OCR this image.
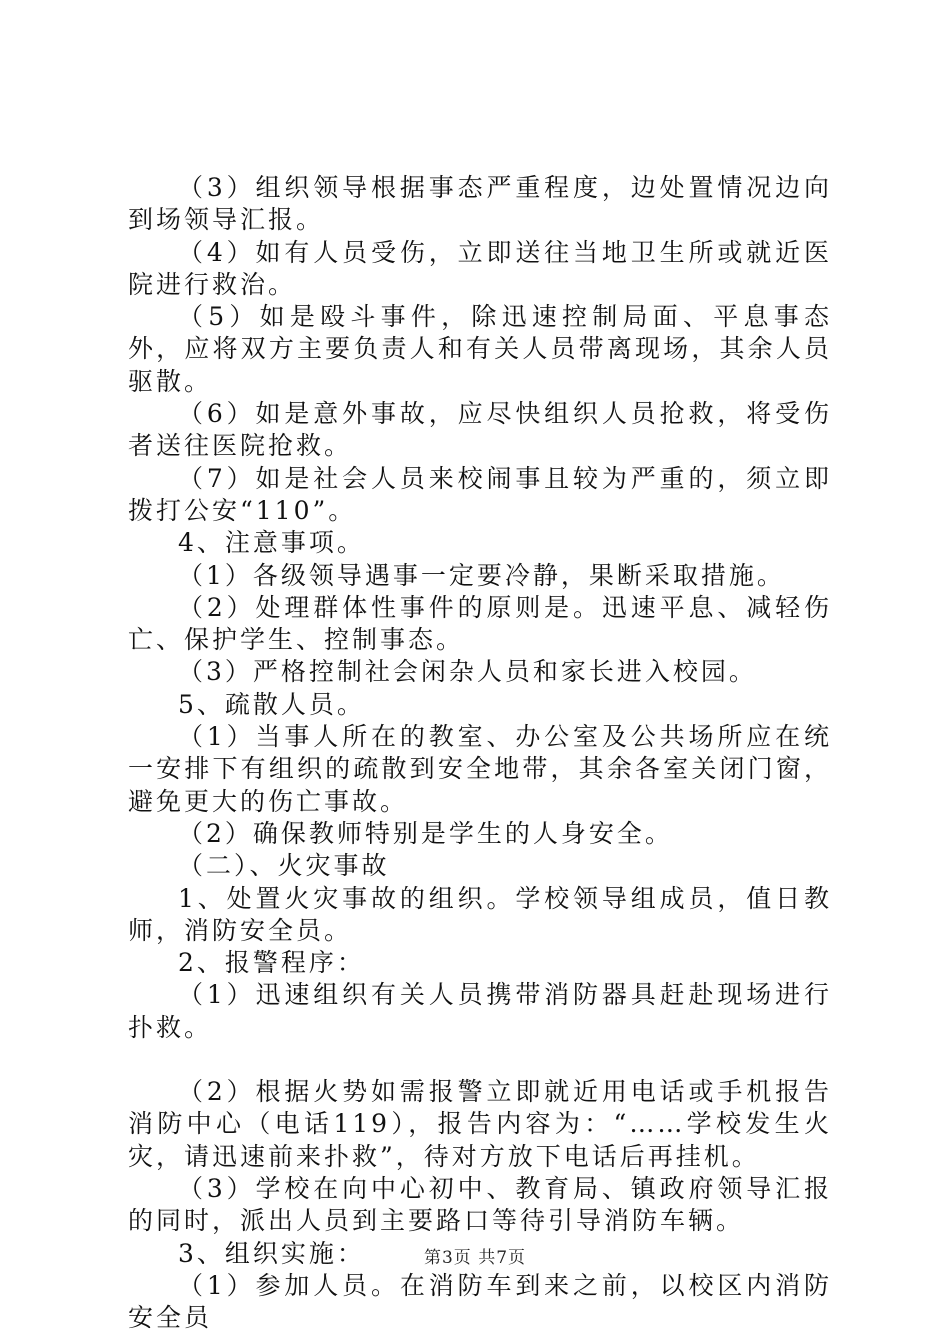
（3）组织领导根据事态严重程度，边处置情况边向到场领导汇报。

（4）如有人员受伤，立即送往当地卫生所或就近医院进行救治。

（5）如是殴斗事件，除迅速控制局面、平息事态外，应将双方主要负责人和有关人员带离现场，其余人员驱散。

（6）如是意外事故，应尽快组织人员抢救，将受伤者送往医院抢救。

（7）如是社会人员来校闹事且较为严重的，须立即拨打公安“110”。

4、注意事项。

（1）各级领导遇事一定要冷静，果断采取措施。

（2）处理群体性事件的原则是。迅速平息、减轻伤亡、保护学生、控制事态。

（3）严格控制社会闲杂人员和家长进入校园。

5、疏散人员。

（1）当事人所在的教室、办公室及公共场所应在统一安排下有组织的疏散到安全地带，其余各室关闭门窗，避免更大的伤亡事故。

（2）确保教师特别是学生的人身安全。

（二）、火灾事故

1、处置火灾事故的组织。学校领导组成员，值日教师，消防安全员。

2、报警程序：

（1）迅速组织有关人员携带消防器具赶赴现场进行扑救。

（2）根据火势如需报警立即就近用电话或手机报告消防中心（电话119），报告内容为：“……学校发生火灾，请迅速前来扑救”，待对方放下电话后再挂机。

（3）学校在向中心初中、教育局、镇政府领导汇报的同时，派出人员到主要路口等待引导消防车辆。

3、组织实施：

（1）参加人员。在消防车到来之前，以校区内消防安全员

第3页 共7页
